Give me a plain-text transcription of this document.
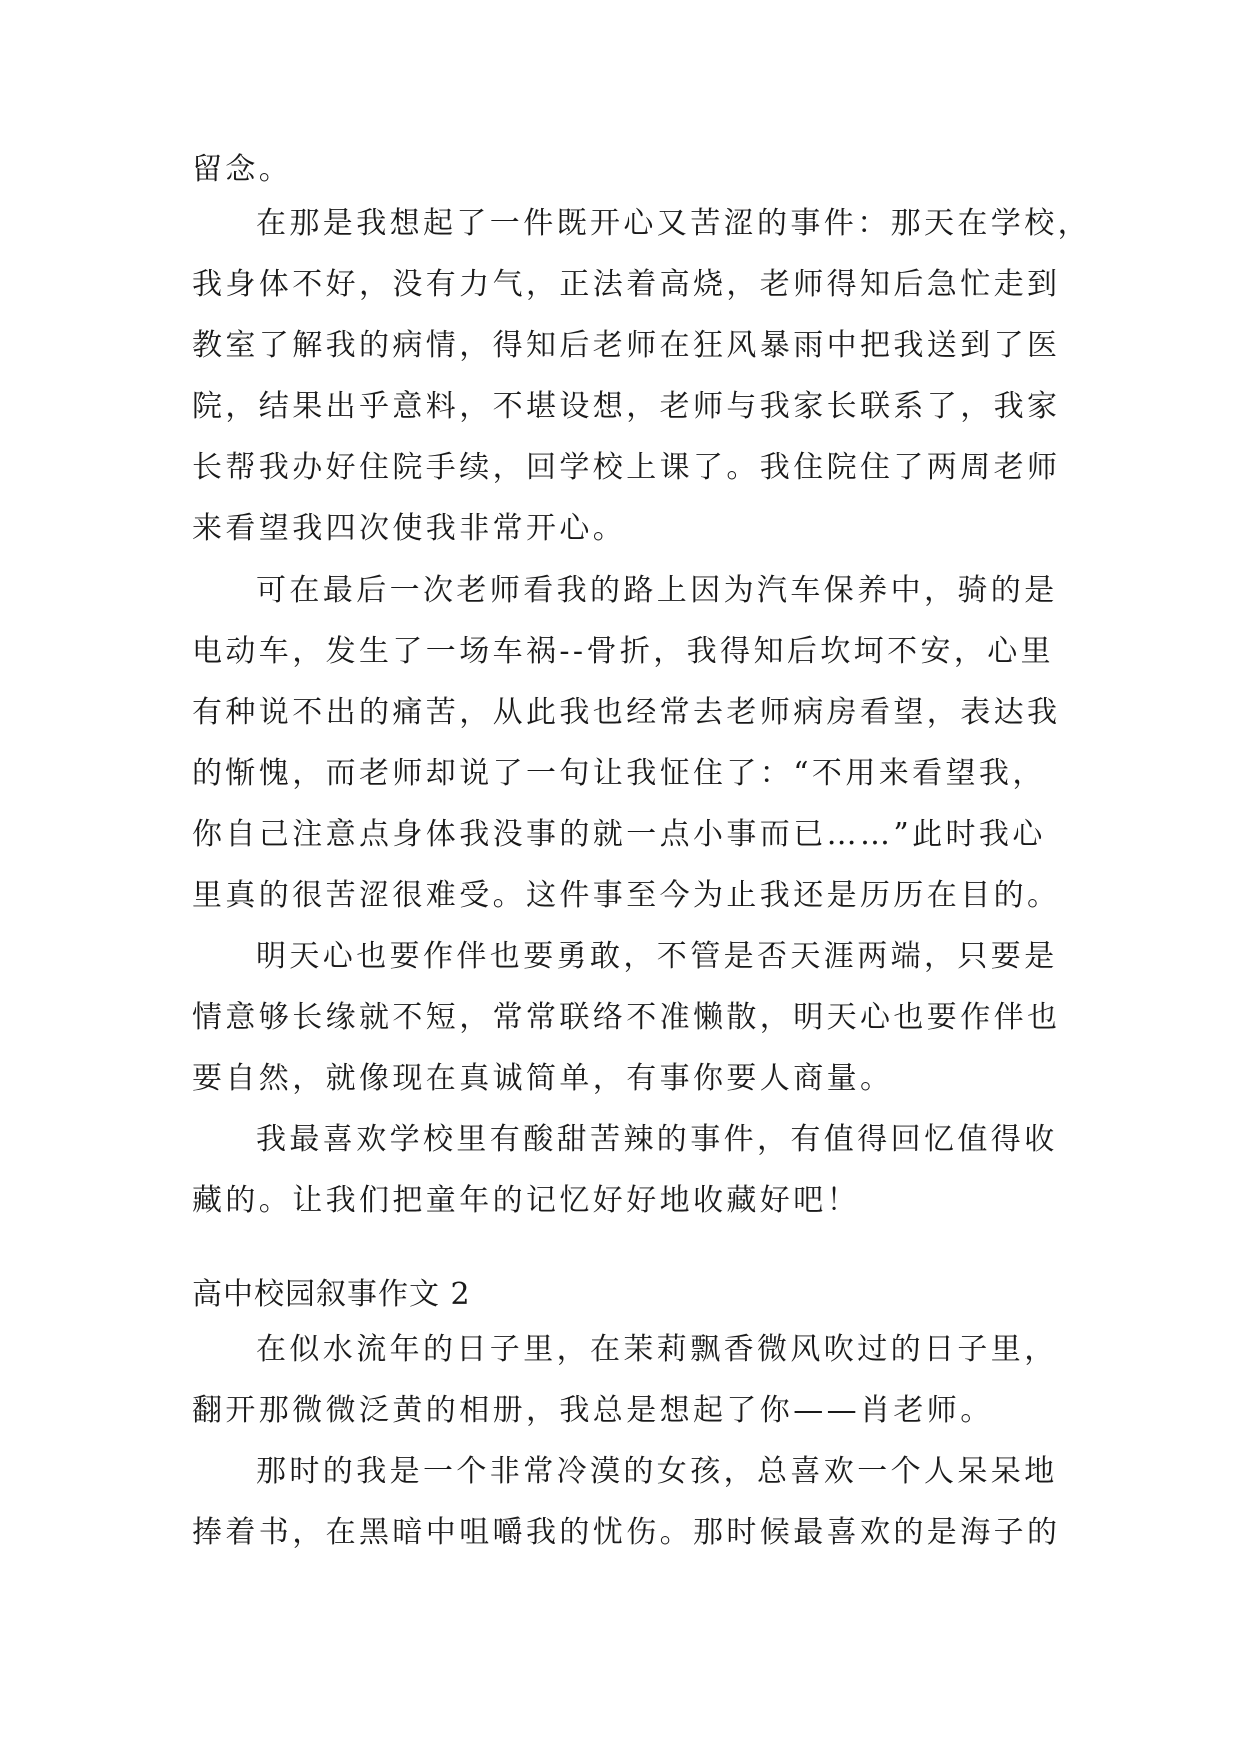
留念。

在那是我想起了一件既开心又苦涩的事件：那天在学校，

我身体不好，没有力气，正法着高烧，老师得知后急忙走到

教室了解我的病情，得知后老师在狂风暴雨中把我送到了医

院，结果出乎意料，不堪设想，老师与我家长联系了，我家

长帮我办好住院手续，回学校上课了。我住院住了两周老师

来看望我四次使我非常开心。

可在最后一次老师看我的路上因为汽车保养中，骑的是

电动车，发生了一场车祸--骨折，我得知后坎坷不安，心里

有种说不出的痛苦，从此我也经常去老师病房看望，表达我

的惭愧，而老师却说了一句让我怔住了：“不用来看望我，

你自己注意点身体我没事的就一点小事而已……”此时我心

里真的很苦涩很难受。这件事至今为止我还是历历在目的。

明天心也要作伴也要勇敢，不管是否天涯两端，只要是

情意够长缘就不短，常常联络不准懒散，明天心也要作伴也

要自然，就像现在真诚简单，有事你要人商量。

我最喜欢学校里有酸甜苦辣的事件，有值得回忆值得收

藏的。让我们把童年的记忆好好地收藏好吧！

高中校园叙事作文 2

在似水流年的日子里，在茉莉飘香微风吹过的日子里，

翻开那微微泛黄的相册，我总是想起了你——肖老师。

那时的我是一个非常冷漠的女孩，总喜欢一个人呆呆地

捧着书，在黑暗中咀嚼我的忧伤。那时候最喜欢的是海子的
